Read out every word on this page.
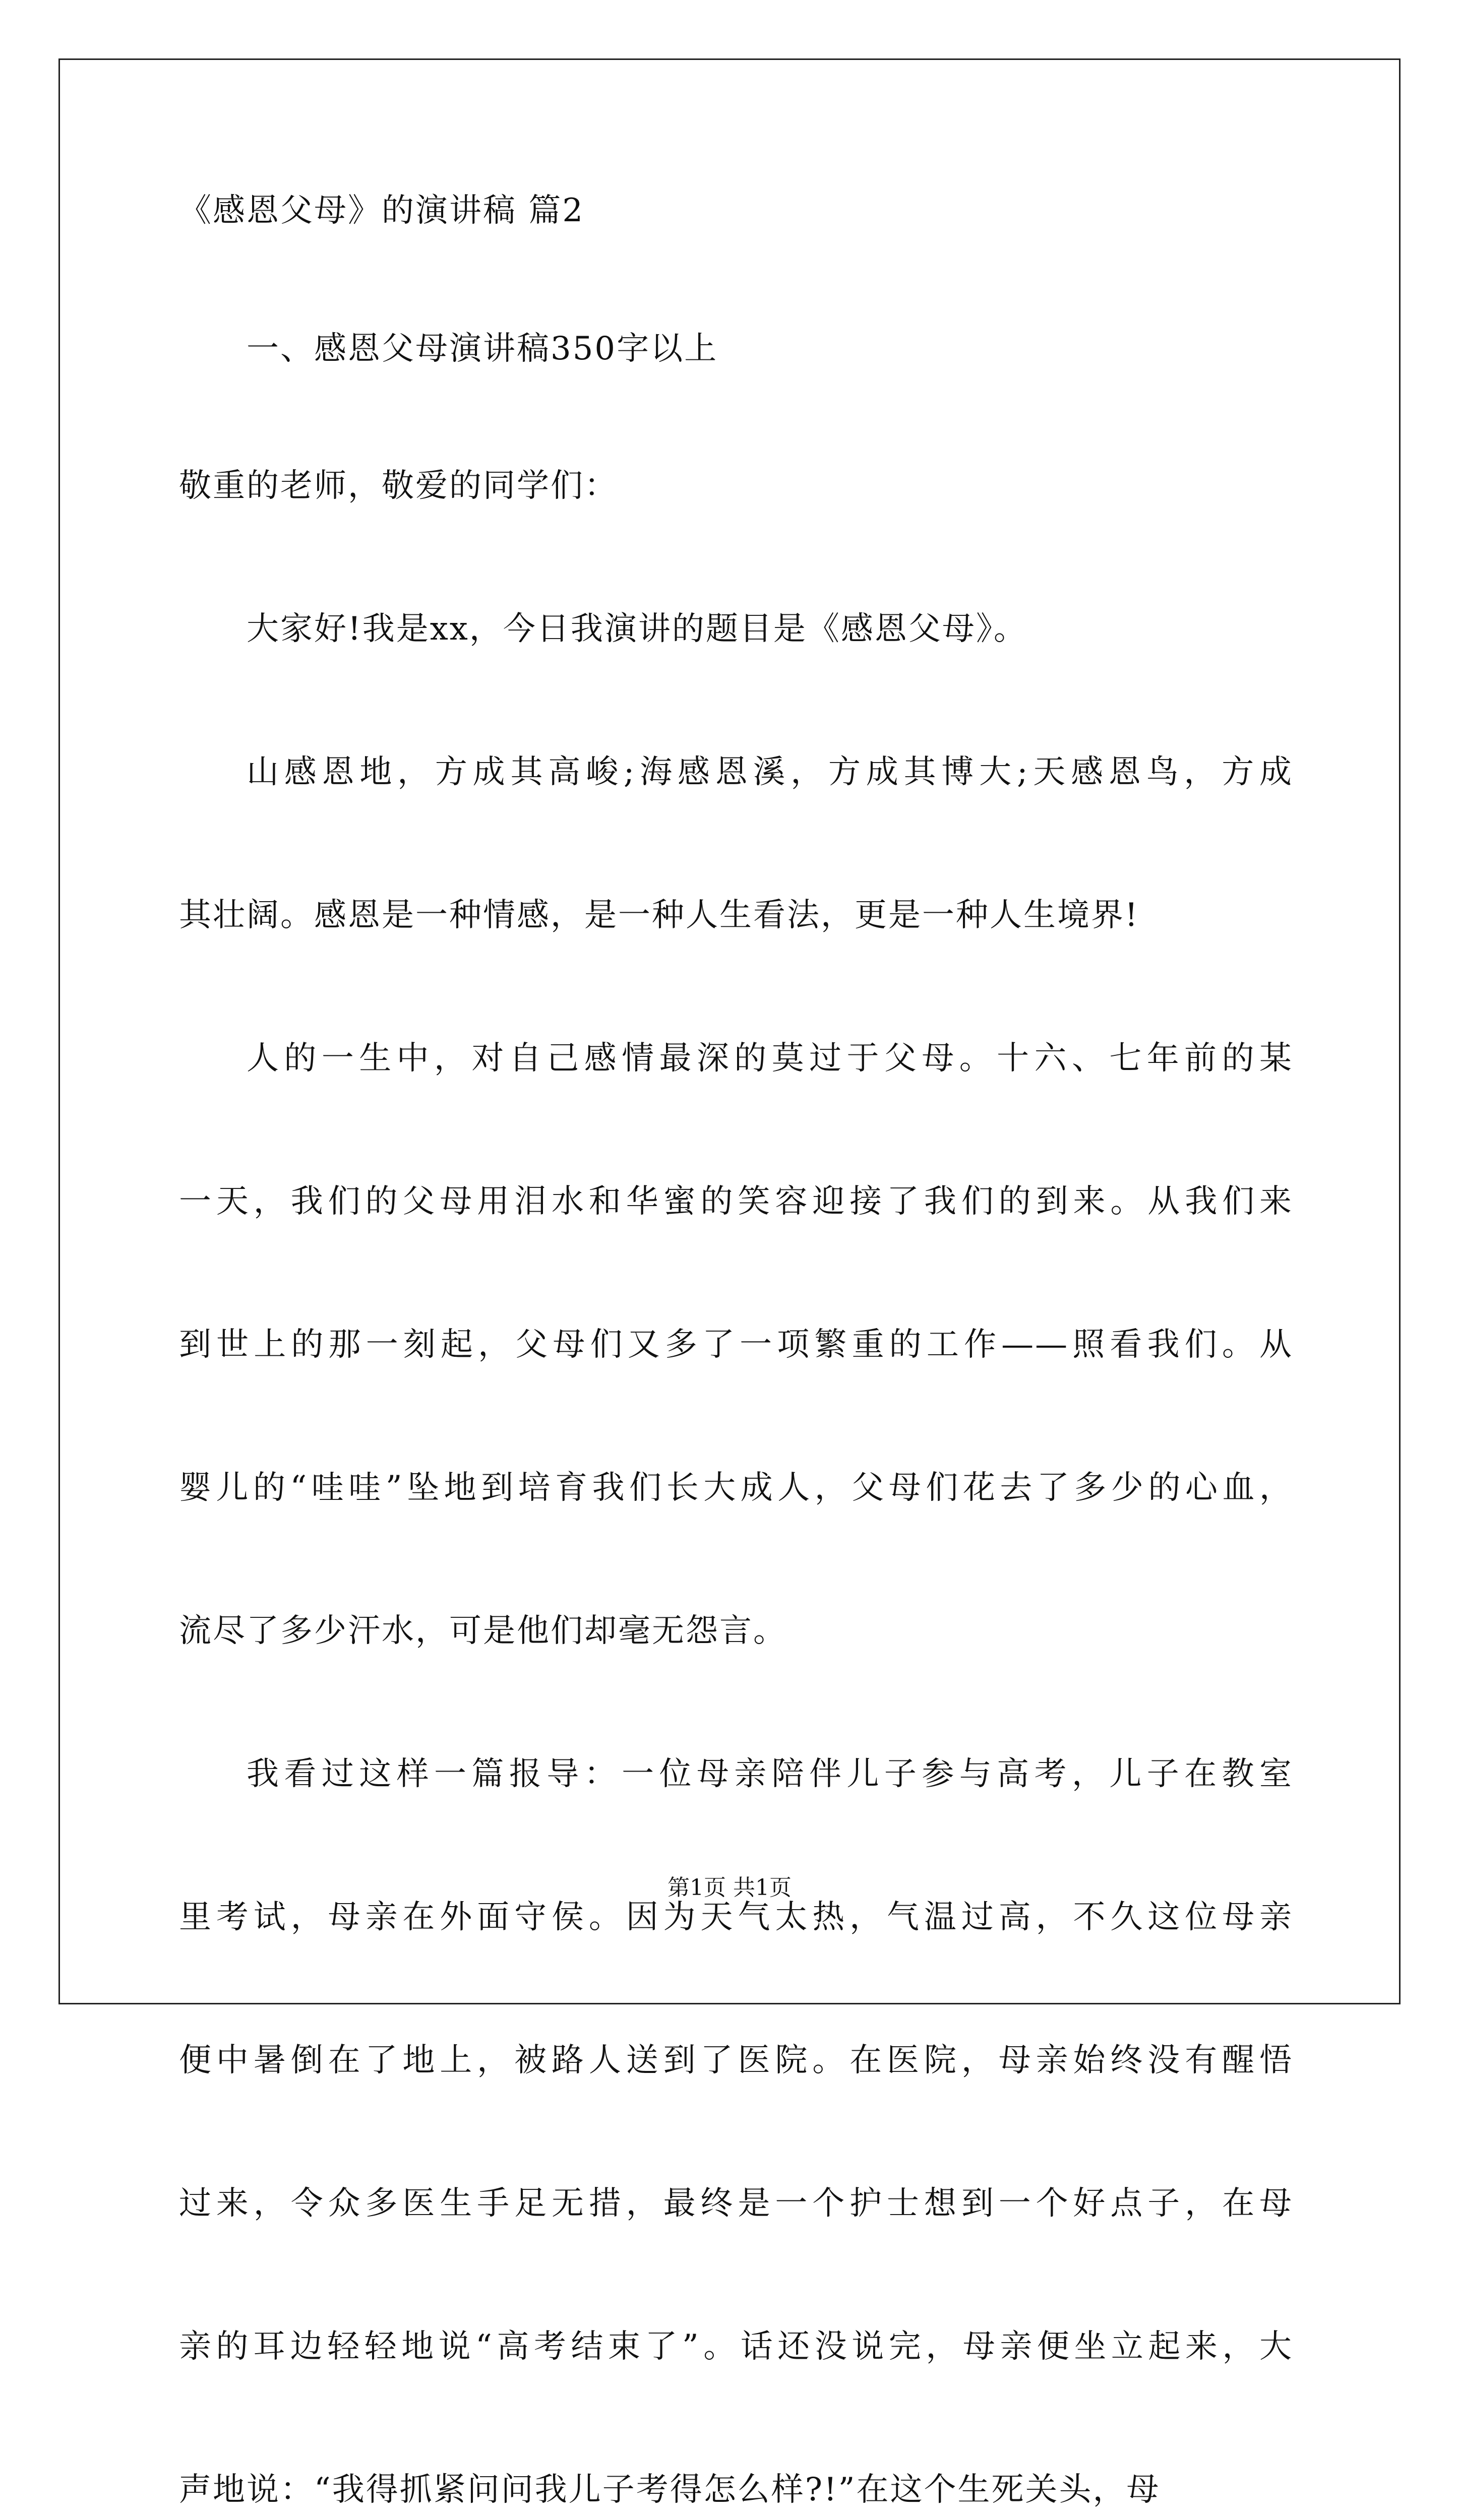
《感恩父母》的演讲稿 篇2
一、感恩父母演讲稿350字以上
敬重的老师，敬爱的同学们：
大家好!我是xx，今日我演讲的题目是《感恩父母》。
山感恩地，方成其高峻;海感恩溪，方成其博大;天感恩鸟，方成
其壮阔。感恩是一种情感，是一种人生看法，更是一种人生境界!
人的一生中，对自己感情最深的莫过于父母。十六、七年前的某
一天，我们的父母用泪水和华蜜的笑容迎接了我们的到来。从我们来
到世上的那一刻起，父母们又多了一项繁重的工作——照看我们。从
婴儿的“哇哇”坠地到培育我们长大成人，父母们花去了多少的心血，
流尽了多少汗水，可是他们却毫无怨言。
我看过这样一篇报导：一位母亲陪伴儿子参与高考，儿子在教室
里考试，母亲在外面守侯。因为天气太热，气温过高，不久这位母亲
便中暑倒在了地上，被路人送到了医院。在医院，母亲始终没有醒悟
过来，令众多医生手足无措，最终是一个护士想到一个好点子，在母
亲的耳边轻轻地说“高考结束了”。话还没说完，母亲便坐立起来，大
声地说：“我得抓紧问问我儿子考得怎么样?!”在这个生死关头，母
第1页 共1页
